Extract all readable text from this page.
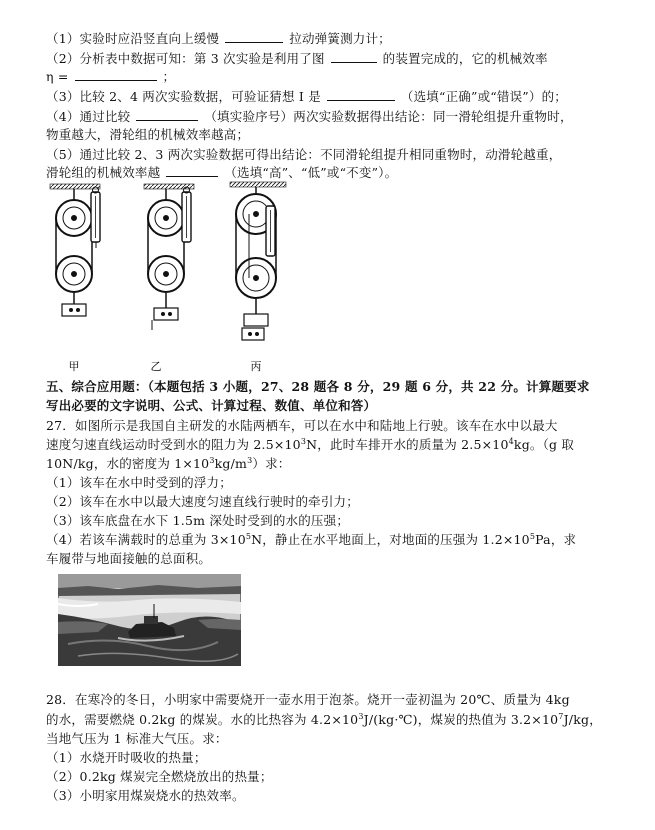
（1）实验时应沿竖直向上缓慢	拉动弹簧测力计；
（2）分析表中数据可知：第 3 次实验是利用了图	的装置完成的，它的机械效率
η =	；
（3）比较 2、4 两次实验数据，可验证猜想 I 是	（选填“正确”或“错误”）的；
（4）通过比较	（填实验序号）两次实验数据得出结论：同一滑轮组提升重物时，
物重越大，滑轮组的机械效率越高；
（5）通过比较 2、3 两次实验数据可得出结论：不同滑轮组提升相同重物时，动滑轮越重，
滑轮组的机械效率越	（选填“高”、“低”或“不变”）。
甲	乙	丙
五、综合应用题：（本题包括 3 小题，27、28 题各 8 分，29 题 6 分，共 22 分。计算题要求
写出必要的文字说明、公式、计算过程、数值、单位和答）
27．如图所示是我国自主研发的水陆两栖车，可以在水中和陆地上行驶。该车在水中以最大
速度匀速直线运动时受到水的阻力为 $2.5\times 10^3N$，此时车排开水的质量为 $2.5\times 10^4kg$。（g 取
10N/kg，水的密度为 $1\times 10^3kg/m^3$）求：
（1）该车在水中时受到的浮力；
（2）该车在水中以最大速度匀速直线行驶时的牵引力；
（3）该车底盘在水下 1.5m 深处时受到的水的压强；
（4）若该车满载时的总重为 $3\times 10^5N$，静止在水平地面上，对地面的压强为 $1.2\times 10^5Pa$，求
车履带与地面接触的总面积。
28．在寒冷的冬日，小明家中需要烧开一壶水用于泡茶。烧开一壶初温为 20℃、质量为 4kg
的水，需要燃烧 0.2kg 的煤炭。水的比热容为 $4.2\times 10^3J/(kg\cdot℃)$，煤炭的热值为 $3.2\times 10^7J/kg$，
当地气压为 1 标准大气压。求：
（1）水烧开时吸收的热量；
（2）0.2kg 煤炭完全燃烧放出的热量；
（3）小明家用煤炭烧水的热效率。
